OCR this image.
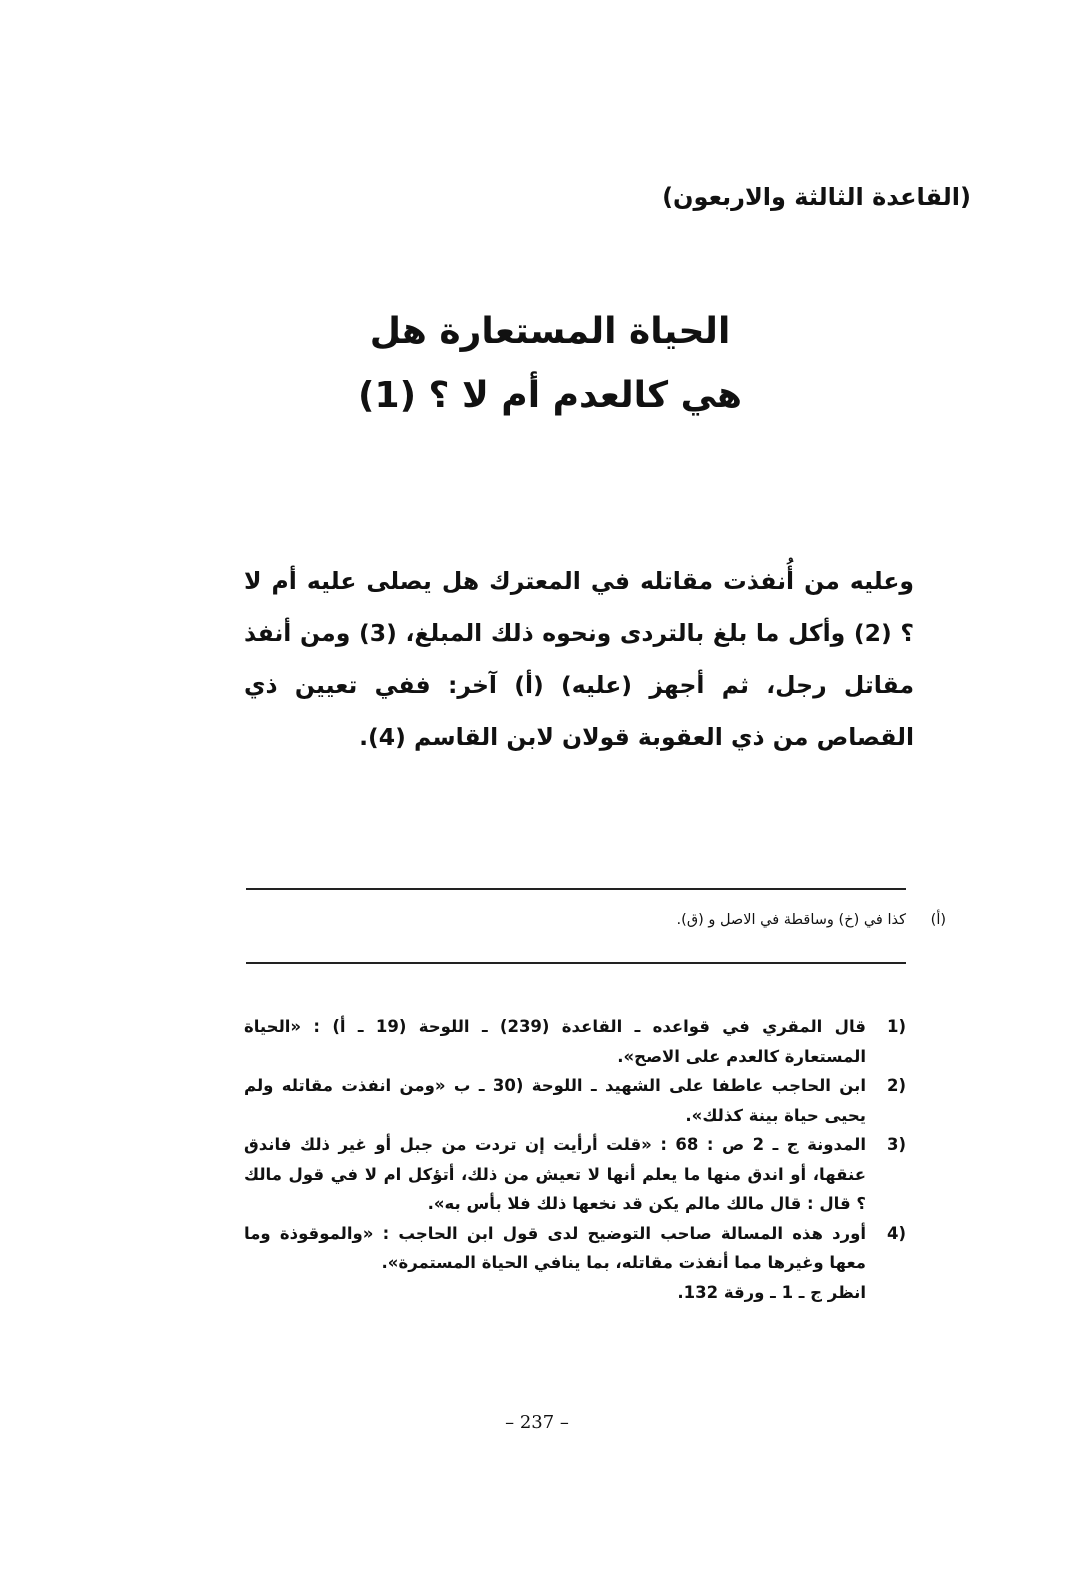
(القاعدة الثالثة والاربعون)
الحياة المستعارة هل
هي كالعدم أم لا ؟ (1)
وعليه من أُنفذت مقاتله في المعترك هل يصلى عليه أم لا ؟ (2) وأكل ما بلغ بالتردى ونحوه ذلك المبلغ، (3) ومن أنفذ مقاتل رجل، ثم أجهز (عليه) (أ) آخر: ففي تعيين ذي القصاص من ذي العقوبة قولان لابن القاسم (4).
(أ)
كذا في (خ) وساقطة في الاصل و (ق).
(1
قال المقري في قواعده ـ القاعدة (239) ـ اللوحة (19 ـ أ) : «الحياة المستعارة كالعدم على الاصح».
(2
ابن الحاجب عاطفا على الشهيد ـ اللوحة (30 ـ ب «ومن انفذت مقاتله ولم يحيى حياة بينة كذلك».
(3
المدونة ج ـ 2 ص : 68 : «قلت أرأيت إن تردت من جبل أو غير ذلك فاندق عنقها، أو اندق منها ما يعلم أنها لا تعيش من ذلك، أتؤكل ام لا في قول مالك ؟ قال : قال مالك مالم يكن قد نخعها ذلك فلا بأس به».
(4
أورد هذه المسالة صاحب التوضيح لدى قول ابن الحاجب : «والموقوذة وما معها وغيرها مما أنفذت مقاتله، بما ينافي الحياة المستمرة».
انظر ج ـ 1 ـ ورقة 132.
– 237 –
